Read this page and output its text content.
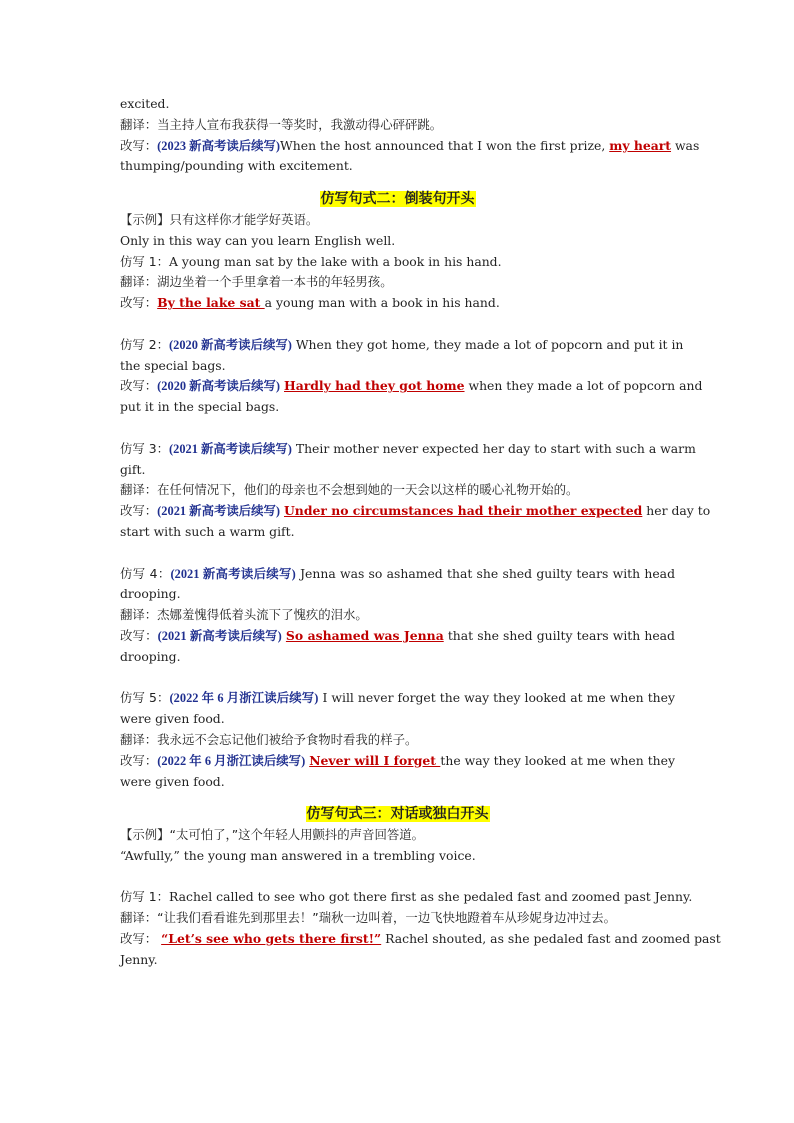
excited.
翻译：当主持人宣布我获得一等奖时，我激动得心砰砰跳。
改写：(2023 新高考读后续写)When the host announced that I won the first prize, my heart was
thumping/pounding with excitement.
仿写句式二：倒装句开头
【示例】只有这样你才能学好英语。
Only in this way can you learn English well.
仿写 1：A young man sat by the lake with a book in his hand.
翻译：湖边坐着一个手里拿着一本书的年轻男孩。
改写：By the lake sat a young man with a book in his hand.
仿写 2：(2020 新高考读后续写) When they got home, they made a lot of popcorn and put it in
the special bags.
改写：(2020 新高考读后续写) Hardly had they got home when they made a lot of popcorn and
put it in the special bags.
仿写 3：(2021 新高考读后续写) Their mother never expected her day to start with such a warm
gift.
翻译：在任何情况下，他们的母亲也不会想到她的一天会以这样的暖心礼物开始的。
改写：(2021 新高考读后续写) Under no circumstances had their mother expected her day to
start with such a warm gift.
仿写 4：(2021 新高考读后续写) Jenna was so ashamed that she shed guilty tears with head
drooping.
翻译：杰娜羞愧得低着头流下了愧疚的泪水。
改写：(2021 新高考读后续写) So ashamed was Jenna that she shed guilty tears with head
drooping.
仿写 5：(2022 年 6 月浙江读后续写) I will never forget the way they looked at me when they
were given food.
翻译：我永远不会忘记他们被给予食物时看我的样子。
改写：(2022 年 6 月浙江读后续写) Never will I forget the way they looked at me when they
were given food.
仿写句式三：对话或独白开头
【示例】“太可怕了，”这个年轻人用颤抖的声音回答道。
“Awfully,” the young man answered in a trembling voice.
仿写 1：Rachel called to see who got there first as she pedaled fast and zoomed past Jenny.
翻译：“让我们看看谁先到那里去！”瑞秋一边叫着，一边飞快地蹬着车从珍妮身边冲过去。
改写： “Let’s see who gets there first!” Rachel shouted, as she pedaled fast and zoomed past
Jenny.
